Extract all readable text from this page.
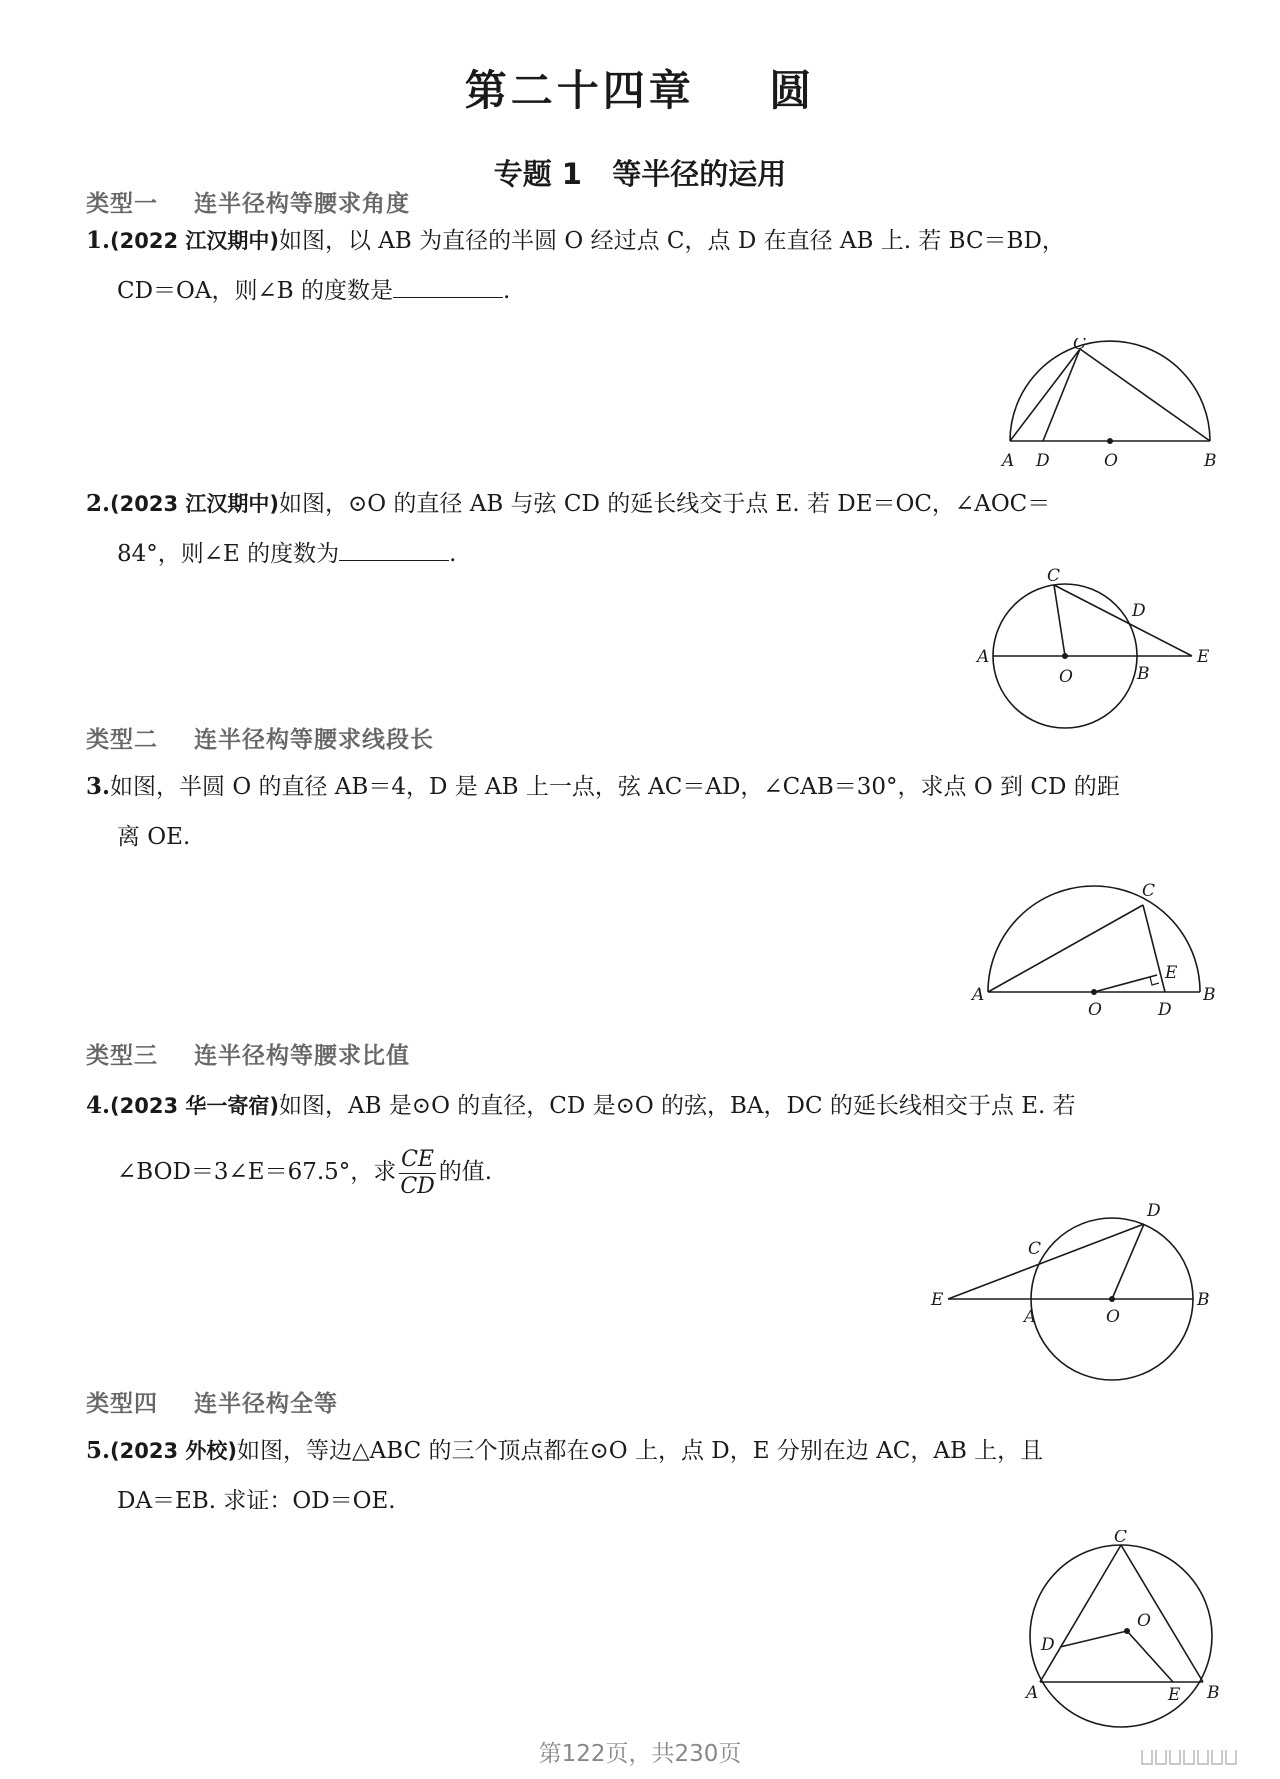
第二十四章    圆
专题 1   等半径的运用
类型一    连半径构等腰求角度
1.(2022 江汉期中)如图，以 AB 为直径的半圆 O 经过点 C，点 D 在直径 AB 上. 若 BC＝BD，
CD＝OA，则∠B 的度数是	.
C
A D	O	B
2.(2023 江汉期中)如图，⊙O 的直径 AB 与弦 CD 的延长线交于点 E. 若 DE＝OC，∠AOC＝
84°，则∠E 的度数为	.
C
D
A
O	B
E
类型二    连半径构等腰求线段长
3.如图，半圆 O 的直径 AB＝4，D 是 AB 上一点，弦 AC＝AD，∠CAB＝30°，求点 O 到 CD 的距
离 OE.
C
E
A
O	D
B
类型三    连半径构等腰求比值
4.(2023 华一寄宿)如图，AB 是⊙O 的直径，CD 是⊙O 的弦，BA，DC 的延长线相交于点 E. 若
∠BOD＝3∠E＝67.5°，求 $\frac{CE}{CD}$ 的值.
D
C
E
A	O
B
类型四    连半径构全等
5.(2023 外校)如图，等边△ABC 的三个顶点都在⊙O 上，点 D，E 分别在边 AC，AB 上，且
DA＝EB. 求证：OD＝OE.
C
O
D
A	E B
第122页，共230页
